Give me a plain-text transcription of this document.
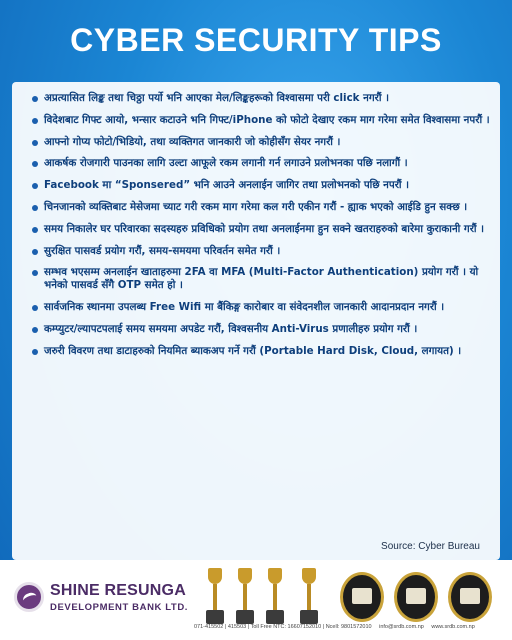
CYBER SECURITY TIPS
अप्रत्यासित लिङ्क तथा चिठ्ठा पर्यो भनि आएका मेल/लिङ्कहरूको विश्वासमा परी click नगरौं ।
विदेशबाट गिफ्ट आयो, भन्सार कटाउने भनि गिफ्ट/iPhone को फोटो देखाए रकम माग गरेमा समेत विश्वासमा नपरौं ।
आफ्नो गोप्य फोटो/भिडियो, तथा व्यक्तिगत जानकारी जो कोहीसँग सेयर नगरौं ।
आकर्षक रोजगारी पाउनका लागि उल्टा आफूले रकम लगानी गर्न लगाउने प्रलोभनका पछि नलागौं ।
Facebook मा “Sponsered” भनि आउने अनलाईन जागिर तथा प्रलोभनको पछि नपरौं ।
चिनजानको व्यक्तिबाट मेसेजमा च्याट गरी रकम माग गरेमा कल गरी एकीन गरौं - ह्याक भएको आईडि हुन सक्छ ।
समय निकालेर घर परिवारका सदस्यहरु प्रविधिको प्रयोग तथा अनलाईनमा हुन सक्ने खतराहरुको बारेमा कुराकानी गरौं ।
सुरक्षित पासवर्ड प्रयोग गरौं, समय-समयमा परिवर्तन समेत गरौं ।
सम्भव भएसम्म अनलाईन खाताहरुमा 2FA वा MFA (Multi-Factor Authentication) प्रयोग गरौं । यो भनेको पासवर्ड सँगै OTP समेत हो ।
सार्वजनिक स्थानमा उपलब्ध Free Wifi मा बैंकिङ्ग कारोबार वा संवेदनशील जानकारी आदानप्रदान नगरौं ।
कम्प्युटर/ल्यापटपलाई समय समयमा अपडेट गरौं, विश्वसनीय Anti-Virus प्रणालीहरु प्रयोग गरौं ।
जरुरी विवरण तथा डाटाहरुको नियमित ब्याकअप गर्ने गरौं (Portable Hard Disk, Cloud, लगायत) ।
Source: Cyber Bureau
SHINE RESUNGA
DEVELOPMENT BANK LTD.
071-415502 | 415503 | Toll Free NTC: 16607152010 | Ncell: 9801572010 info@srdb.com.np www.srdb.com.np
